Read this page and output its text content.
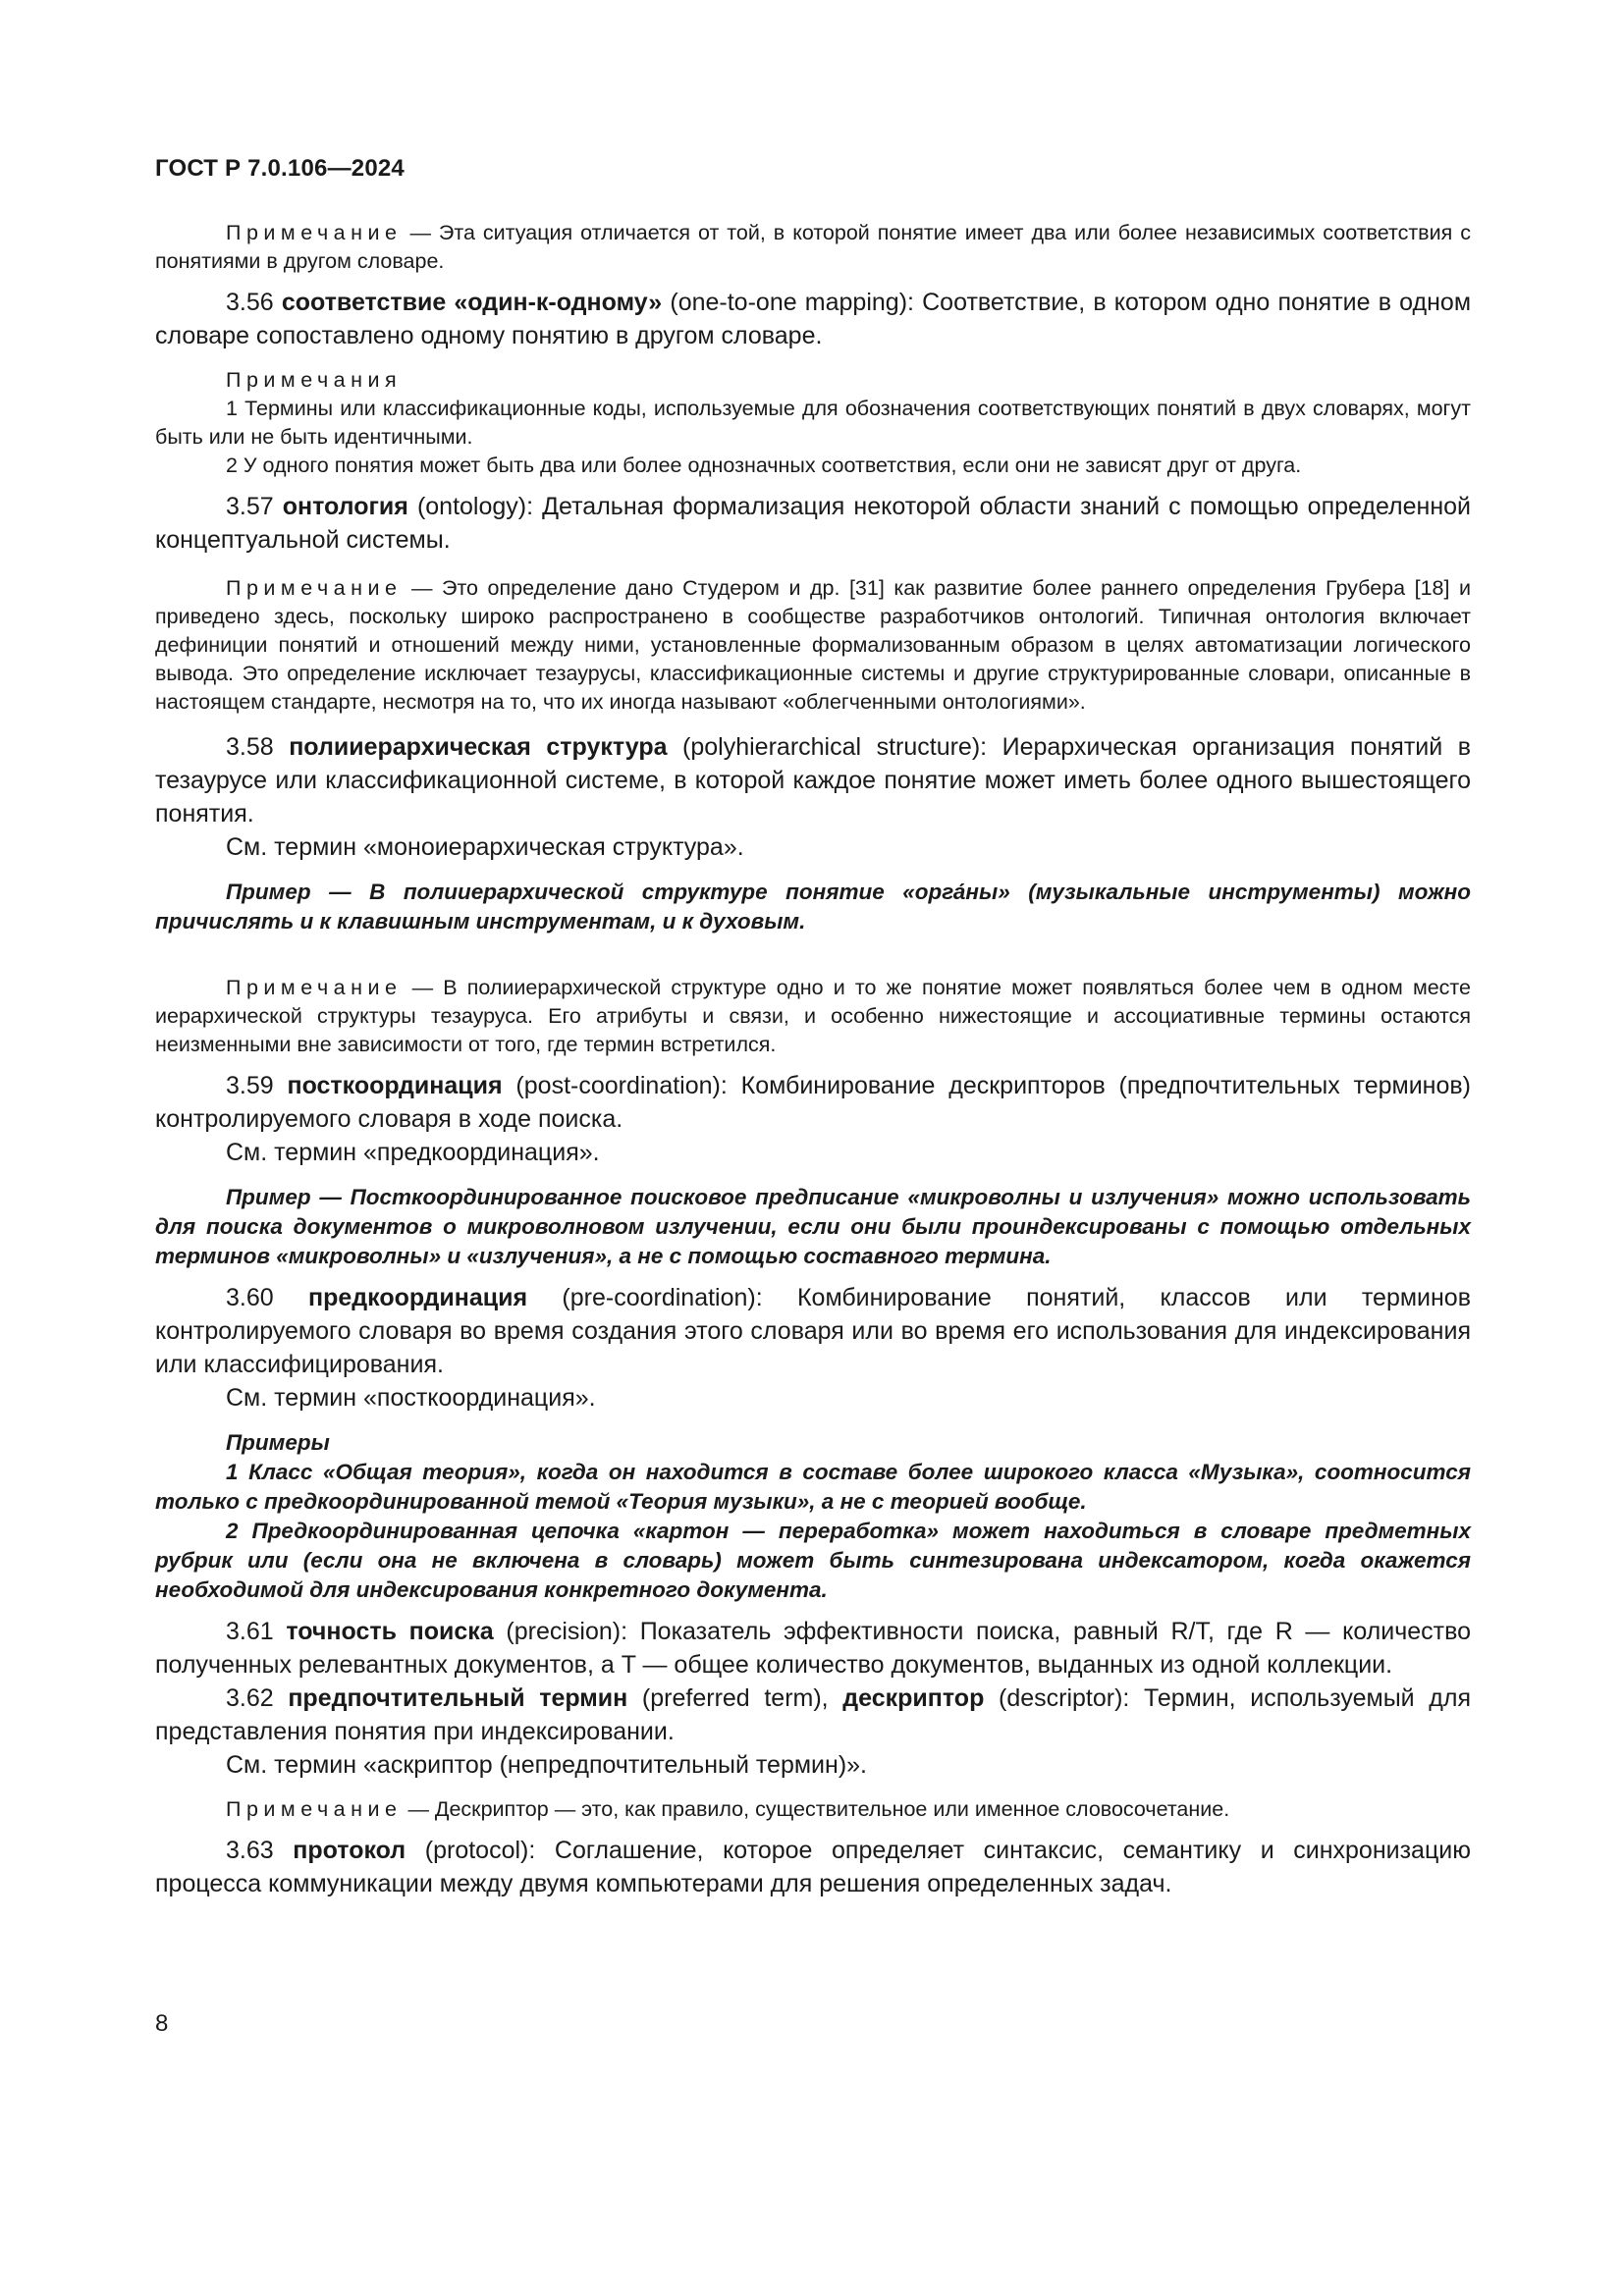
ГОСТ Р 7.0.106—2024

Примечание — Эта ситуация отличается от той, в которой понятие имеет два или более независимых соответствия с понятиями в другом словаре.

3.56 соответствие «один-к-одному» (one-to-one mapping): Соответствие, в котором одно понятие в одном словаре сопоставлено одному понятию в другом словаре.

Примечания

1 Термины или классификационные коды, используемые для обозначения соответствующих понятий в двух словарях, могут быть или не быть идентичными.

2 У одного понятия может быть два или более однозначных соответствия, если они не зависят друг от друга.

3.57 онтология (ontology): Детальная формализация некоторой области знаний с помощью определенной концептуальной системы.

Примечание — Это определение дано Студером и др. [31] как развитие более раннего определения Грубера [18] и приведено здесь, поскольку широко распространено в сообществе разработчиков онтологий. Типичная онтология включает дефиниции понятий и отношений между ними, установленные формализованным образом в целях автоматизации логического вывода. Это определение исключает тезаурусы, классификационные системы и другие структурированные словари, описанные в настоящем стандарте, несмотря на то, что их иногда называют «облегченными онтологиями».

3.58 полииерархическая структура (polyhierarchical structure): Иерархическая организация понятий в тезаурусе или классификационной системе, в которой каждое понятие может иметь более одного вышестоящего понятия.

См. термин «моноиерархическая структура».

Пример — В полииерархической структуре понятие «орга́ны» (музыкальные инструменты) можно причислять и к клавишным инструментам, и к духовым.

Примечание — В полииерархической структуре одно и то же понятие может появляться более чем в одном месте иерархической структуры тезауруса. Его атрибуты и связи, и особенно нижестоящие и ассоциативные термины остаются неизменными вне зависимости от того, где термин встретился.

3.59 посткоординация (post-coordination): Комбинирование дескрипторов (предпочтительных терминов) контролируемого словаря в ходе поиска.

См. термин «предкоординация».

Пример — Посткоординированное поисковое предписание «микроволны и излучения» можно использовать для поиска документов о микроволновом излучении, если они были проиндексированы с помощью отдельных терминов «микроволны» и «излучения», а не с помощью составного термина.

3.60 предкоординация (pre-coordination): Комбинирование понятий, классов или терминов контролируемого словаря во время создания этого словаря или во время его использования для индексирования или классифицирования.

См. термин «посткоординация».

Примеры

1 Класс «Общая теория», когда он находится в составе более широкого класса «Музыка», соотносится только с предкоординированной темой «Теория музыки», а не с теорией вообще.

2 Предкоординированная цепочка «картон — переработка» может находиться в словаре предметных рубрик или (если она не включена в словарь) может быть синтезирована индексатором, когда окажется необходимой для индексирования конкретного документа.

3.61 точность поиска (precision): Показатель эффективности поиска, равный R/T, где R — количество полученных релевантных документов, а T — общее количество документов, выданных из одной коллекции.

3.62 предпочтительный термин (preferred term), дескриптор (descriptor): Термин, используемый для представления понятия при индексировании.

См. термин «аскриптор (непредпочтительный термин)».

Примечание — Дескриптор — это, как правило, существительное или именное словосочетание.

3.63 протокол (protocol): Соглашение, которое определяет синтаксис, семантику и синхронизацию процесса коммуникации между двумя компьютерами для решения определенных задач.

8
